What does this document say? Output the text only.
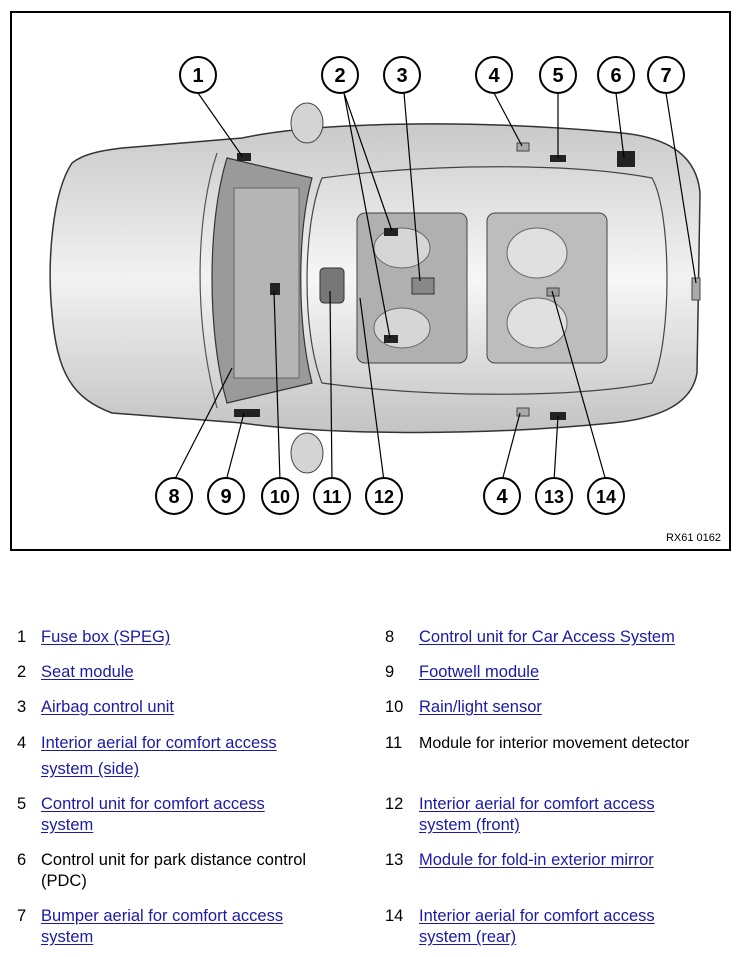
1	2	3	4	5 6 7
8 9 10 11 12	4 13 14
RX61 0162
1 Fuse box (SPEG)
2 Seat module
3 Airbag control unit
4 Interior aerial for comfort access system (side)
5 Control unit for comfort access system
6 Control unit for park distance control (PDC)
7 Bumper aerial for comfort access system
8	Control unit for Car Access System
9	Footwell module
10 Rain/light sensor
11	Module for interior movement detector
12 Interior aerial for comfort access system (front)
13 Module for fold-in exterior mirror
14 Interior aerial for comfort access system (rear)
